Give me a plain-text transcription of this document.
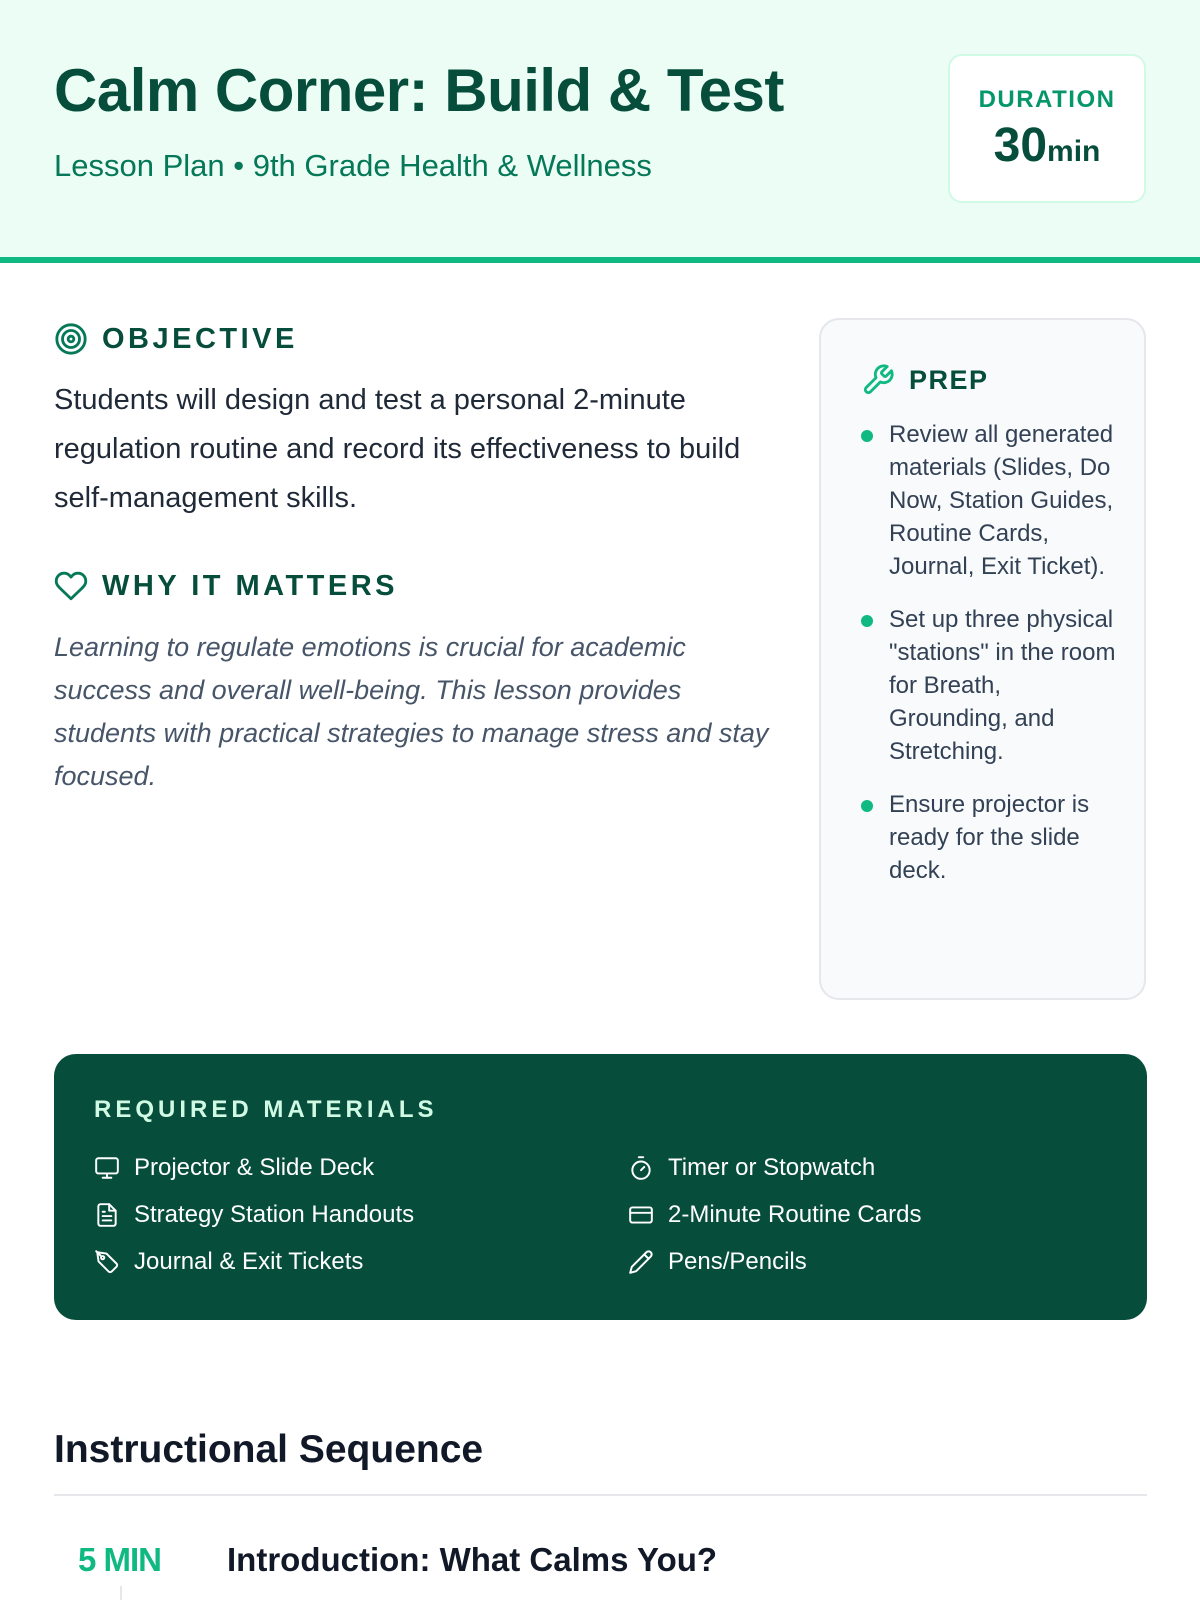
Calm Corner: Build & Test
Lesson Plan • 9th Grade Health & Wellness
DURATION
30min
OBJECTIVE

Students will design and test a personal 2-minute regulation routine and record its effectiveness to build self-management skills.

WHY IT MATTERS

Learning to regulate emotions is crucial for academic success and overall well-being. This lesson provides students with practical strategies to manage stress and stay focused.

PREP
Review all generated materials (Slides, Do Now, Station Guides, Routine Cards, Journal, Exit Ticket).
Set up three physical "stations" in the room for Breath, Grounding, and Stretching.
Ensure projector is ready for the slide deck.
REQUIRED MATERIALS
Projector & Slide Deck	Timer or Stopwatch
Strategy Station Handouts	2-Minute Routine Cards
Journal & Exit Tickets	Pens/Pencils
Instructional Sequence
5 MIN Introduction: What Calms You?
